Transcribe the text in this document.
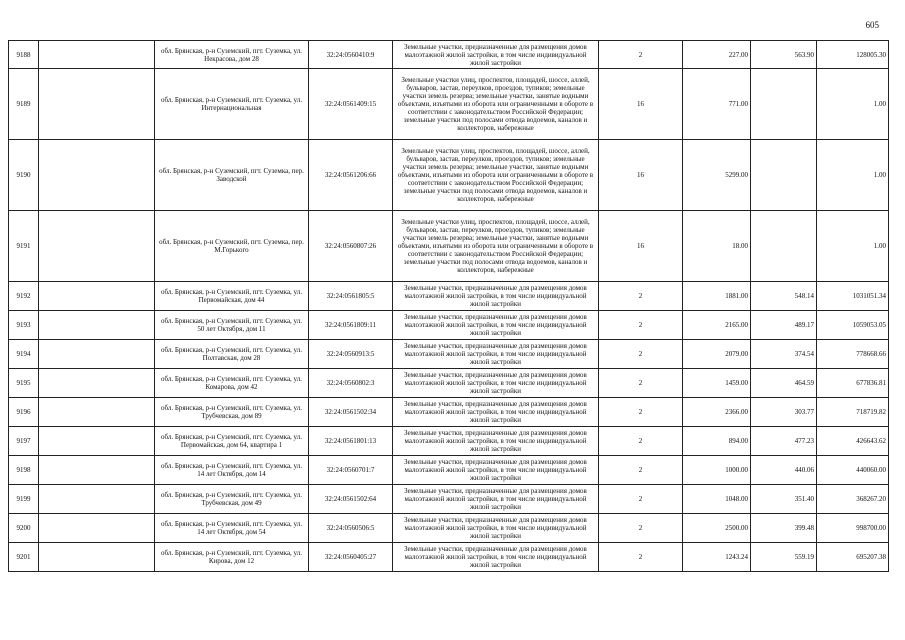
605
9188		обл. Брянская, р-н Суземский, пгт. Суземка, ул. Некрасова, дом 28	32:24:0560410:9	Земельные участки, предназначенные для размещения домов малоэтажной жилой застройки, в том числе индивидуальной жилой застройки	2	227.00	563.90	128005.30
9189		обл. Брянская, р-н Суземский, пгт. Суземка, ул. Интернациональная	32:24:0561409:15	Земельные участки улиц, проспектов, площадей, шоссе, аллей, бульваров, застав, переулков, проездов, тупиков; земельные участки земель резерва; земельные участки, занятые водными объектами, изъятыми из оборота или ограниченными в обороте в соответствии с законодательством Российской Федерации; земельные участки под полосами отвода водоемов, каналов и коллекторов, набережные	16	771.00		1.00
9190		обл. Брянская, р-н Суземский, пгт. Суземка, пер. Заводской	32:24:0561206:66	Земельные участки улиц, проспектов, площадей, шоссе, аллей, бульваров, застав, переулков, проездов, тупиков; земельные участки земель резерва; земельные участки, занятые водными объектами, изъятыми из оборота или ограниченными в обороте в соответствии с законодательством Российской Федерации; земельные участки под полосами отвода водоемов, каналов и коллекторов, набережные	16	5299.00		1.00
9191		обл. Брянская, р-н Суземский, пгт. Суземка, пер. М.Горького	32:24:0560807:26	Земельные участки улиц, проспектов, площадей, шоссе, аллей, бульваров, застав, переулков, проездов, тупиков; земельные участки земель резерва; земельные участки, занятые водными объектами, изъятыми из оборота или ограниченными в обороте в соответствии с законодательством Российской Федерации; земельные участки под полосами отвода водоемов, каналов и коллекторов, набережные	16	18.00		1.00
9192		обл. Брянская, р-н Суземский, пгт. Суземка, ул. Первомайская, дом 44	32:24:0561805:5	Земельные участки, предназначенные для размещения домов малоэтажной жилой застройки, в том числе индивидуальной жилой застройки	2	1881.00	548.14	1031051.34
9193		обл. Брянская, р-н Суземский, пгт. Суземка, ул. 50 лет Октября, дом 11	32:24:0561809:11	Земельные участки, предназначенные для размещения домов малоэтажной жилой застройки, в том числе индивидуальной жилой застройки	2	2165.00	489.17	1059053.05
9194		обл. Брянская, р-н Суземский, пгт. Суземка, ул. Полтавская, дом 28	32:24:0560913:5	Земельные участки, предназначенные для размещения домов малоэтажной жилой застройки, в том числе индивидуальной жилой застройки	2	2079.00	374.54	778668.66
9195		обл. Брянская, р-н Суземский, пгт. Суземка, ул. Комарова, дом 42	32:24:0560802:3	Земельные участки, предназначенные для размещения домов малоэтажной жилой застройки, в том числе индивидуальной жилой застройки	2	1459.00	464.59	677836.81
9196		обл. Брянская, р-н Суземский, пгт. Суземка, ул. Трубчевская, дом 89	32:24:0561502:34	Земельные участки, предназначенные для размещения домов малоэтажной жилой застройки, в том числе индивидуальной жилой застройки	2	2366.00	303.77	718719.82
9197		обл. Брянская, р-н Суземский, пгт. Суземка, ул. Первомайская, дом 64, квартира 1	32:24:0561801:13	Земельные участки, предназначенные для размещения домов малоэтажной жилой застройки, в том числе индивидуальной жилой застройки	2	894.00	477.23	426643.62
9198		обл. Брянская, р-н Суземский, пгт. Суземка, ул. 14 лет Октября, дом 14	32:24:0560701:7	Земельные участки, предназначенные для размещения домов малоэтажной жилой застройки, в том числе индивидуальной жилой застройки	2	1000.00	440.06	440060.00
9199		обл. Брянская, р-н Суземский, пгт. Суземка, ул. Трубчевская, дом 49	32:24:0561502:64	Земельные участки, предназначенные для размещения домов малоэтажной жилой застройки, в том числе индивидуальной жилой застройки	2	1048.00	351.40	368267.20
9200		обл. Брянская, р-н Суземский, пгт. Суземка, ул. 14 лет Октября, дом 54	32:24:0560506:5	Земельные участки, предназначенные для размещения домов малоэтажной жилой застройки, в том числе индивидуальной жилой застройки	2	2500.00	399.48	998700.00
9201		обл. Брянская, р-н Суземский, пгт. Суземка, ул. Кирова, дом 12	32:24:0560405:27	Земельные участки, предназначенные для размещения домов малоэтажной жилой застройки, в том числе индивидуальной жилой застройки	2	1243.24	559.19	695207.38
